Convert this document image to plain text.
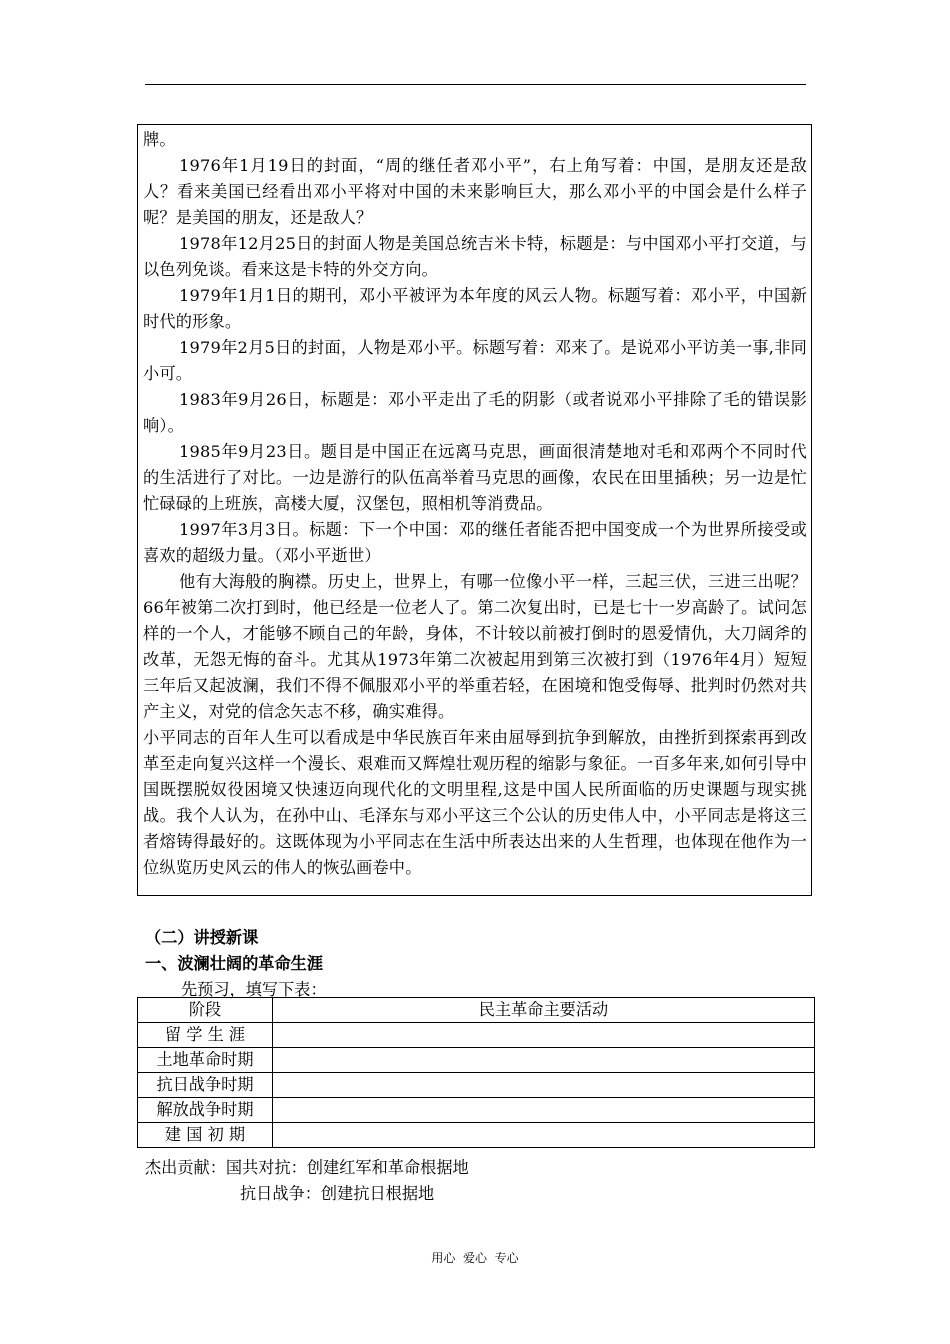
牌。

1976年1月19日的封面，“周的继任者邓小平”，右上角写着：中国，是朋友还是敌人？看来美国已经看出邓小平将对中国的未来影响巨大，那么邓小平的中国会是什么样子呢？是美国的朋友，还是敌人？

1978年12月25日的封面人物是美国总统吉米卡特，标题是：与中国邓小平打交道，与以色列免谈。看来这是卡特的外交方向。

1979年1月1日的期刊，邓小平被评为本年度的风云人物。标题写着：邓小平，中国新时代的形象。

1979年2月5日的封面，人物是邓小平。标题写着：邓来了。是说邓小平访美一事,非同小可。

1983年9月26日，标题是：邓小平走出了毛的阴影（或者说邓小平排除了毛的错误影响）。

1985年9月23日。题目是中国正在远离马克思，画面很清楚地对毛和邓两个不同时代的生活进行了对比。一边是游行的队伍高举着马克思的画像，农民在田里插秧；另一边是忙忙碌碌的上班族，高楼大厦，汉堡包，照相机等消费品。

1997年3月3日。标题：下一个中国：邓的继任者能否把中国变成一个为世界所接受或喜欢的超级力量。（邓小平逝世）

他有大海般的胸襟。历史上，世界上，有哪一位像小平一样，三起三伏，三进三出呢？66年被第二次打到时，他已经是一位老人了。第二次复出时，已是七十一岁高龄了。试问怎样的一个人，才能够不顾自己的年龄，身体，不计较以前被打倒时的恩爱情仇，大刀阔斧的改革，无怨无悔的奋斗。尤其从1973年第二次被起用到第三次被打到（1976年4月）短短三年后又起波澜，我们不得不佩服邓小平的举重若轻，在困境和饱受侮辱、批判时仍然对共产主义，对党的信念矢志不移，确实难得。

小平同志的百年人生可以看成是中华民族百年来由屈辱到抗争到解放，由挫折到探索再到改革至走向复兴这样一个漫长、艰难而又辉煌壮观历程的缩影与象征。一百多年来,如何引导中国既摆脱奴役困境又快速迈向现代化的文明里程,这是中国人民所面临的历史课题与现实挑战。我个人认为，在孙中山、毛泽东与邓小平这三个公认的历史伟人中，小平同志是将这三者熔铸得最好的。这既体现为小平同志在生活中所表达出来的人生哲理，也体现在他作为一位纵览历史风云的伟人的恢弘画卷中。

（二）讲授新课

一、波澜壮阔的革命生涯

先预习，填写下表：

阶段	民主革命主要活动
留 学 生 涯	
土地革命时期	
抗日战争时期	
解放战争时期	
建 国 初 期	

杰出贡献：国共对抗：创建红军和革命根据地

抗日战争：创建抗日根据地

用心  爱心  专心
